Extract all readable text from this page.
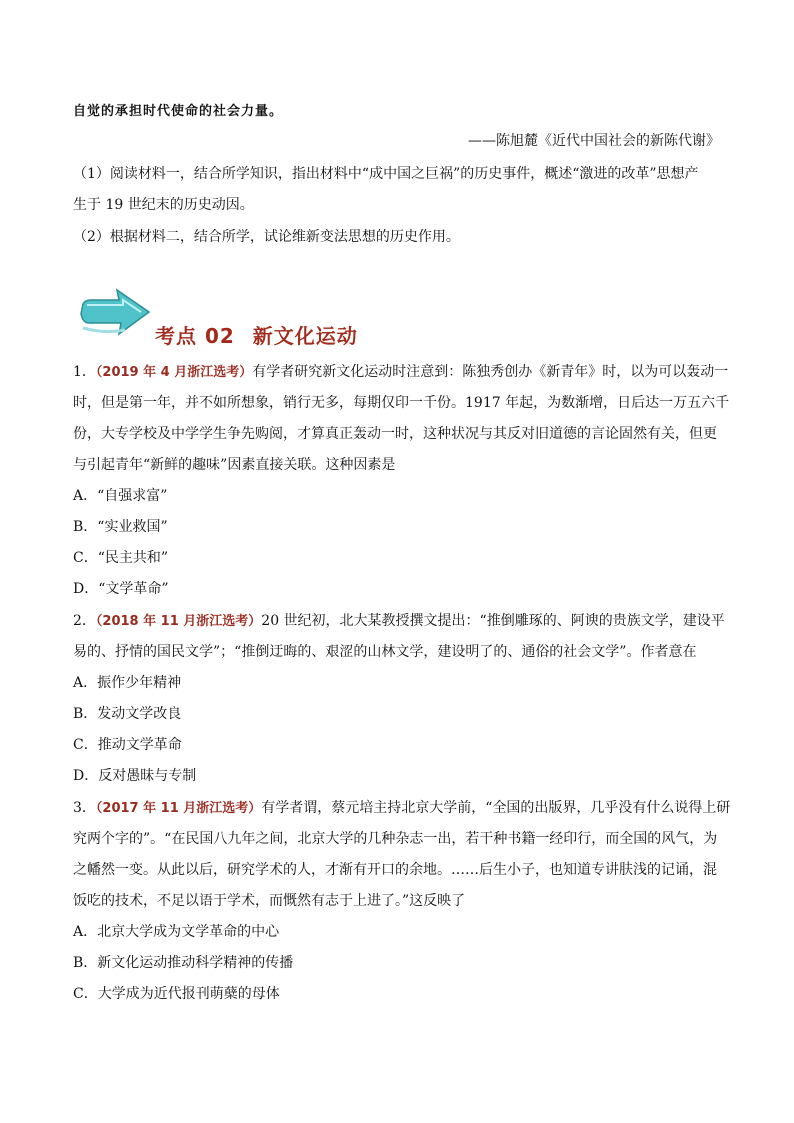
自觉的承担时代使命的社会力量。
——陈旭麓《近代中国社会的新陈代谢》
（1）阅读材料一，结合所学知识，指出材料中“成中国之巨祸”的历史事件，概述“激进的改革”思想产
生于 19 世纪末的历史动因。
（2）根据材料二，结合所学，试论维新变法思想的历史作用。
考点 02 新文化运动
1．（2019 年 4 月浙江选考）有学者研究新文化运动时注意到：陈独秀创办《新青年》时，以为可以轰动一
时，但是第一年，并不如所想象，销行无多，每期仅印一千份。1917 年起，为数渐增，日后达一万五六千
份，大专学校及中学学生争先购阅，才算真正轰动一时，这种状况与其反对旧道德的言论固然有关，但更
与引起青年“新鲜的趣味”因素直接关联。这种因素是
A．“自强求富”
B．“实业救国”
C．“民主共和”
D．“文学革命”
2．（2018 年 11 月浙江选考）20 世纪初，北大某教授撰文提出：“推倒雕琢的、阿谀的贵族文学，建设平
易的、抒情的国民文学”；“推倒迂晦的、艰涩的山林文学，建设明了的、通俗的社会文学”。作者意在
A．振作少年精神
B．发动文学改良
C．推动文学革命
D．反对愚昧与专制
3．（2017 年 11 月浙江选考）有学者谓，蔡元培主持北京大学前，“全国的出版界，几乎没有什么说得上研
究两个字的”。“在民国八九年之间，北京大学的几种杂志一出，若干种书籍一经印行，而全国的风气，为
之幡然一变。从此以后，研究学术的人，才渐有开口的余地。……后生小子，也知道专讲肤浅的记诵，混
饭吃的技术，不足以语于学术，而慨然有志于上进了。”这反映了
A．北京大学成为文学革命的中心
B．新文化运动推动科学精神的传播
C．大学成为近代报刊萌蘖的母体
